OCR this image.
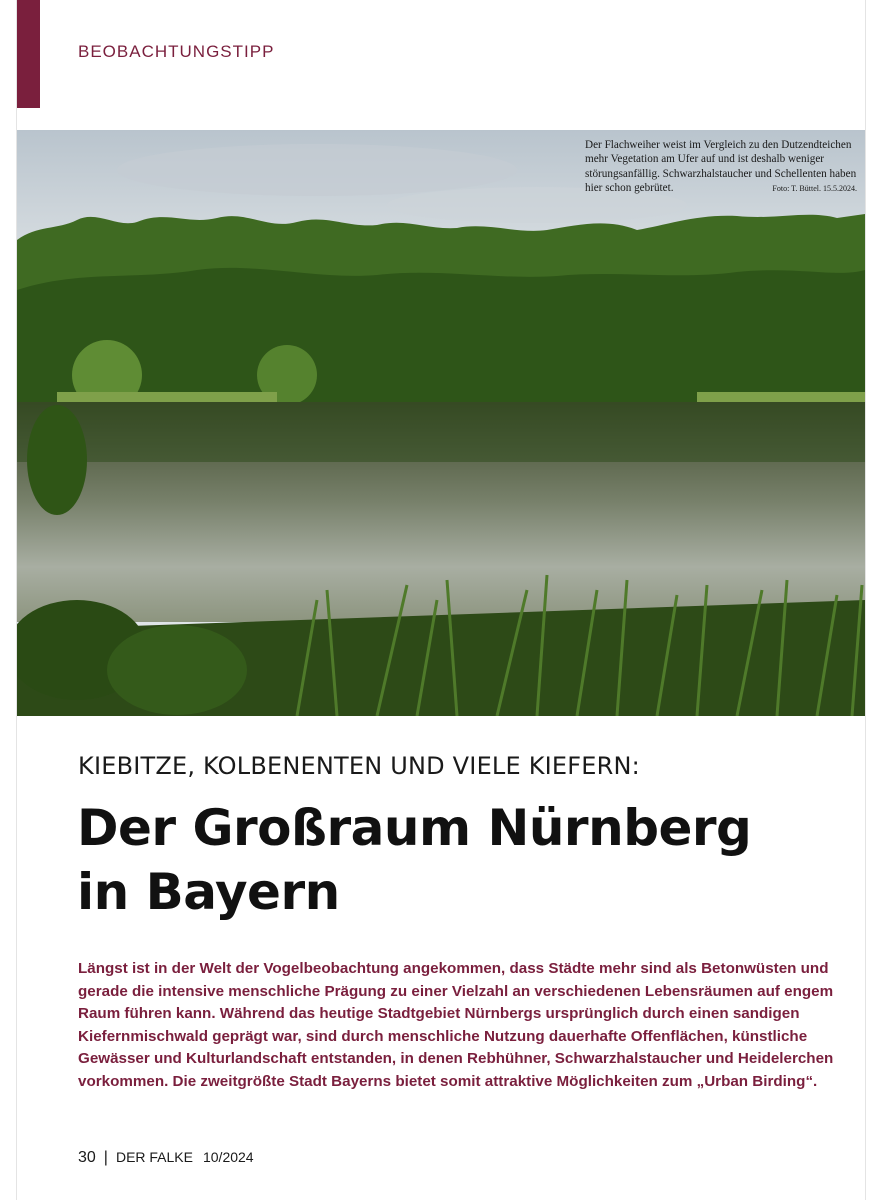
BEOBACHTUNGSTIPP
Der Flachweiher weist im Vergleich zu den Dutzendteichen mehr Vegetation am Ufer auf und ist deshalb weniger störungsanfällig. Schwarzhalstaucher und Schellenten haben hier schon gebrütet.	Foto: T. Büttel. 15.5.2024.
KIEBITZE, KOLBENENTEN UND VIELE KIEFERN:
Der Großraum Nürnberg
in Bayern

Längst ist in der Welt der Vogelbeobachtung angekommen, dass Städte mehr sind als Betonwüsten und gerade die intensive menschliche Prägung zu einer Vielzahl an verschiedenen Lebensräumen auf engem Raum führen kann. Während das heutige Stadtgebiet Nürnbergs ursprünglich durch einen sandigen Kiefernmischwald geprägt war, sind durch menschliche Nutzung dauerhafte Offenflächen, künstliche Gewässer und Kulturlandschaft entstanden, in denen Rebhühner, Schwarzhalstaucher und Heidelerchen vorkommen. Die zweitgrößte Stadt Bayerns bietet somit attraktive Möglichkeiten zum „Urban Birding“.

30 | DER FALKE 10/2024
